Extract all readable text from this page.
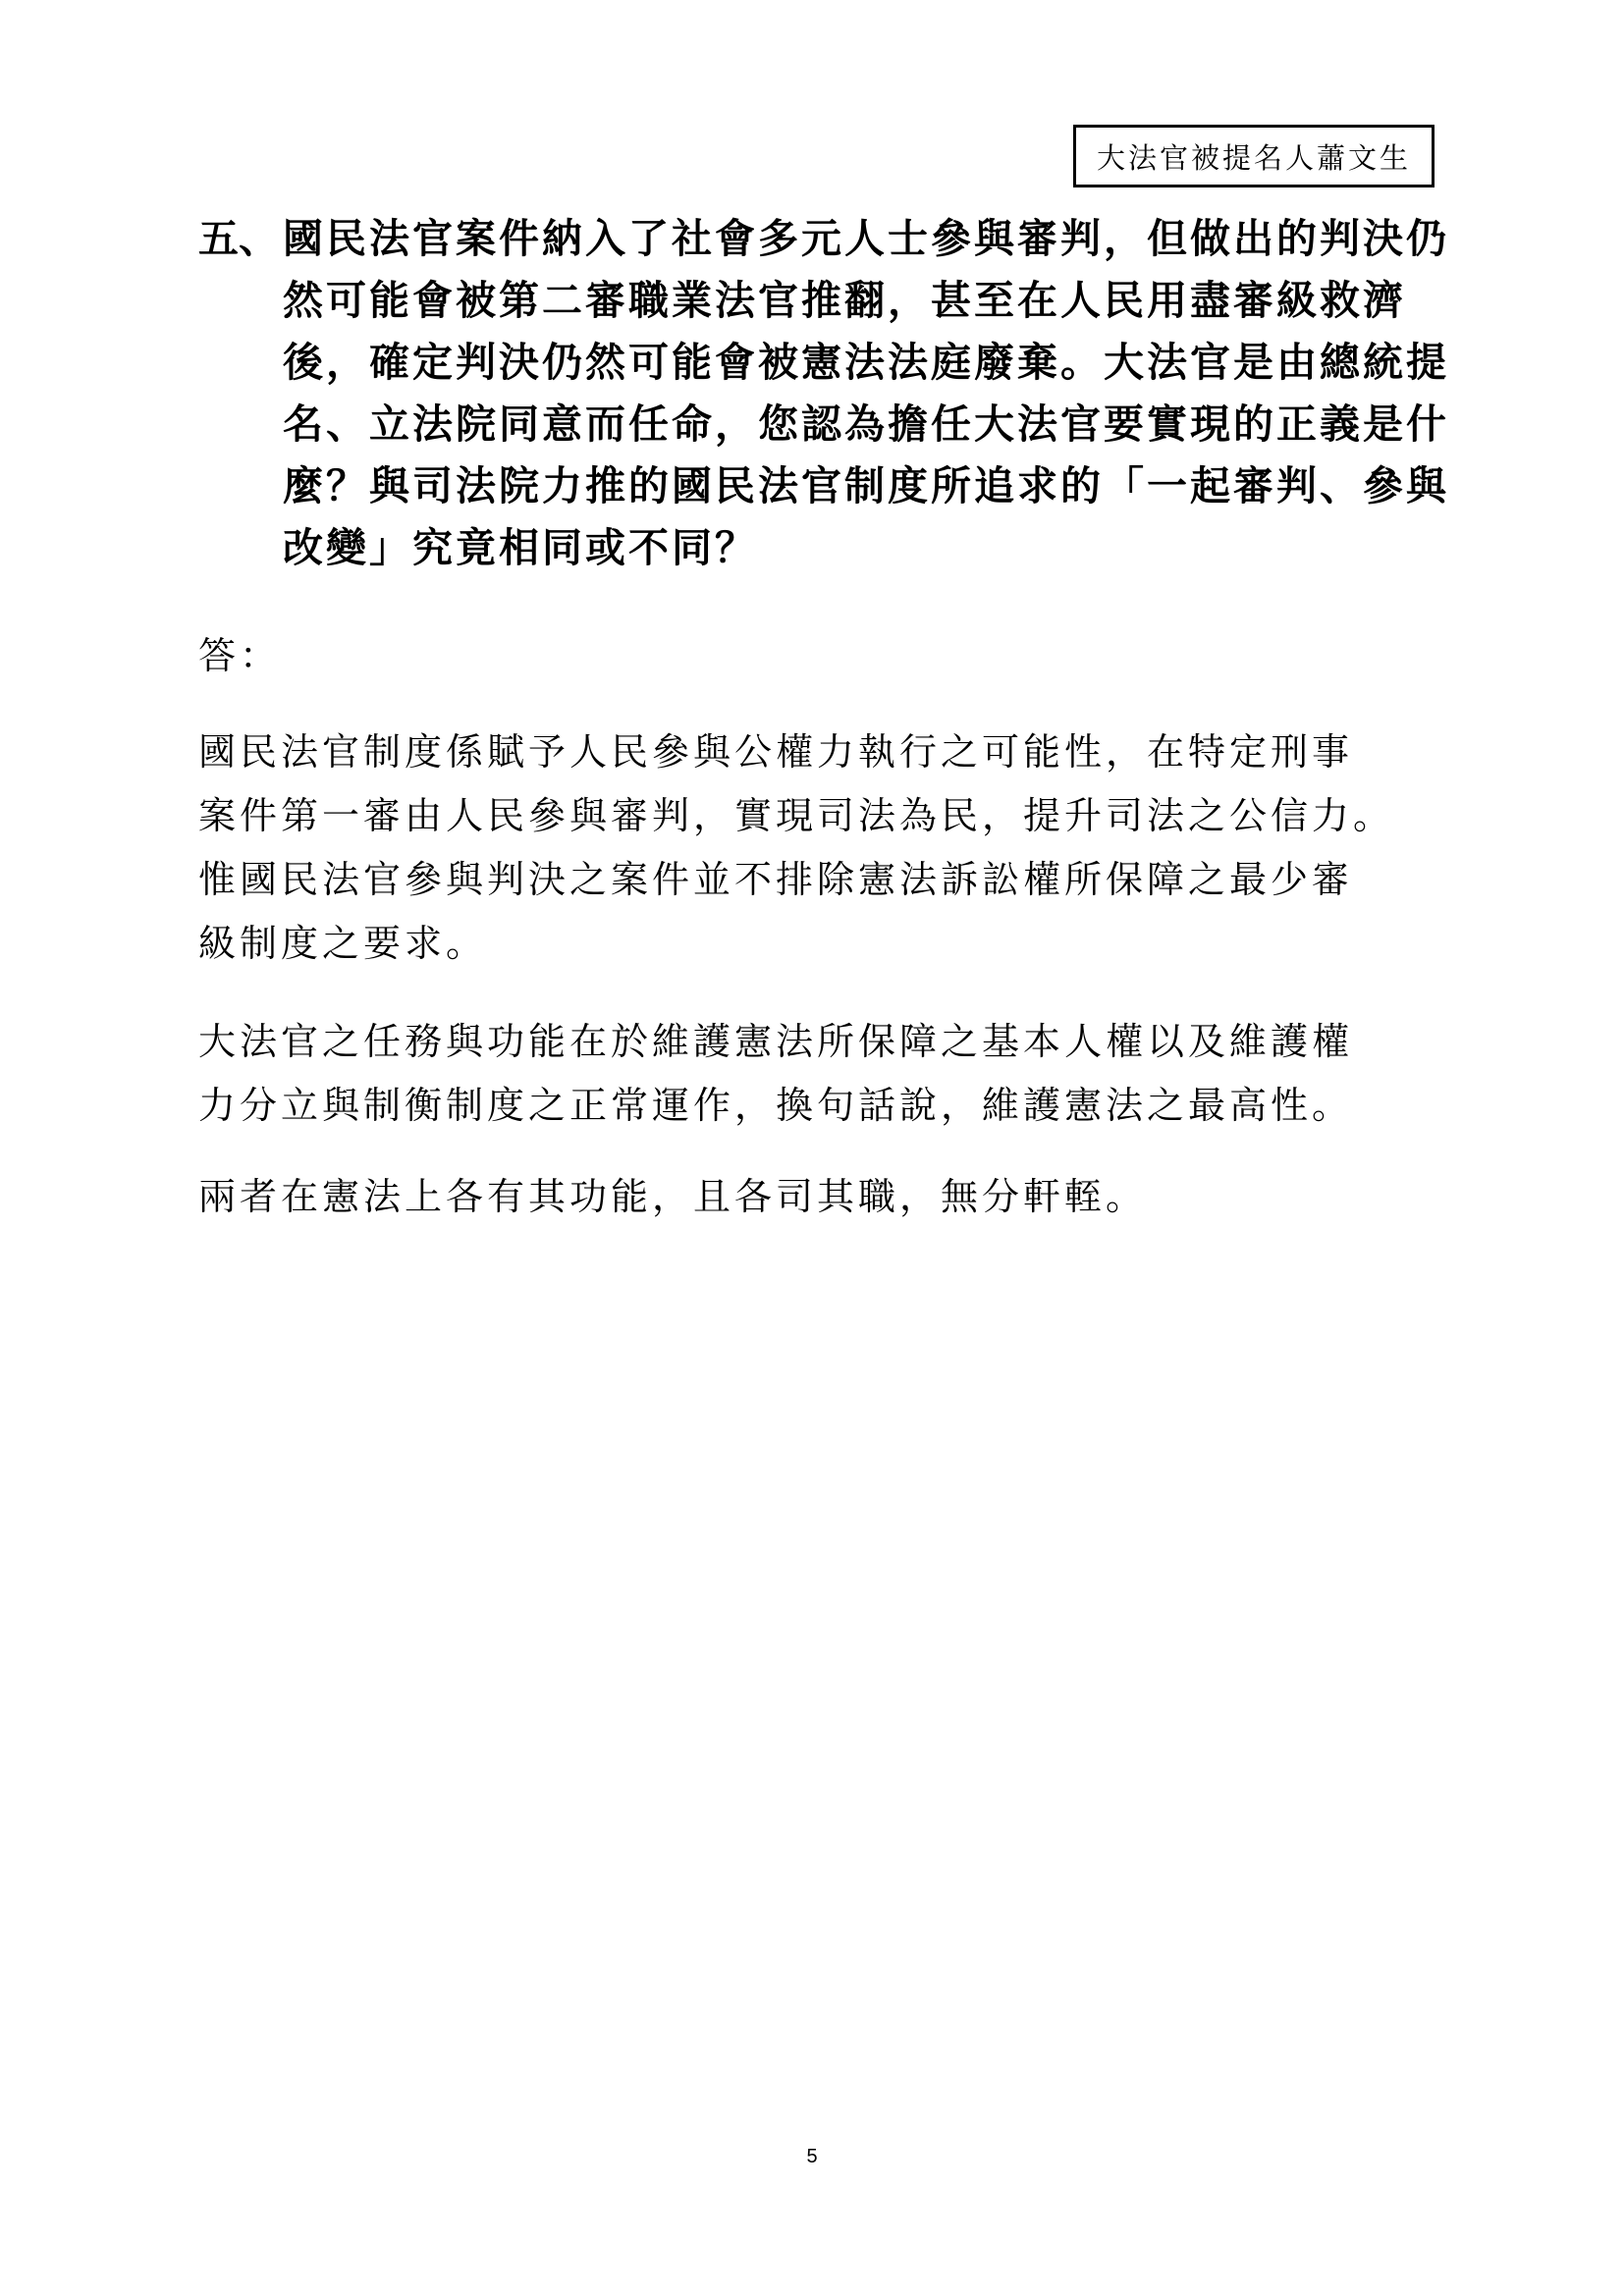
大法官被提名人蕭文生
五、 國民法官案件納入了社會多元人士參與審判，但做出的判決仍
然可能會被第二審職業法官推翻，甚至在人民用盡審級救濟
後，確定判決仍然可能會被憲法法庭廢棄。大法官是由總統提
名、立法院同意而任命，您認為擔任大法官要實現的正義是什
麼？與司法院力推的國民法官制度所追求的「一起審判、參與
改變」究竟相同或不同？
答：
國民法官制度係賦予人民參與公權力執行之可能性，在特定刑事
案件第一審由人民參與審判，實現司法為民，提升司法之公信力。
惟國民法官參與判決之案件並不排除憲法訴訟權所保障之最少審
級制度之要求。
大法官之任務與功能在於維護憲法所保障之基本人權以及維護權
力分立與制衡制度之正常運作，換句話說，維護憲法之最高性。
兩者在憲法上各有其功能，且各司其職，無分軒輊。
5
